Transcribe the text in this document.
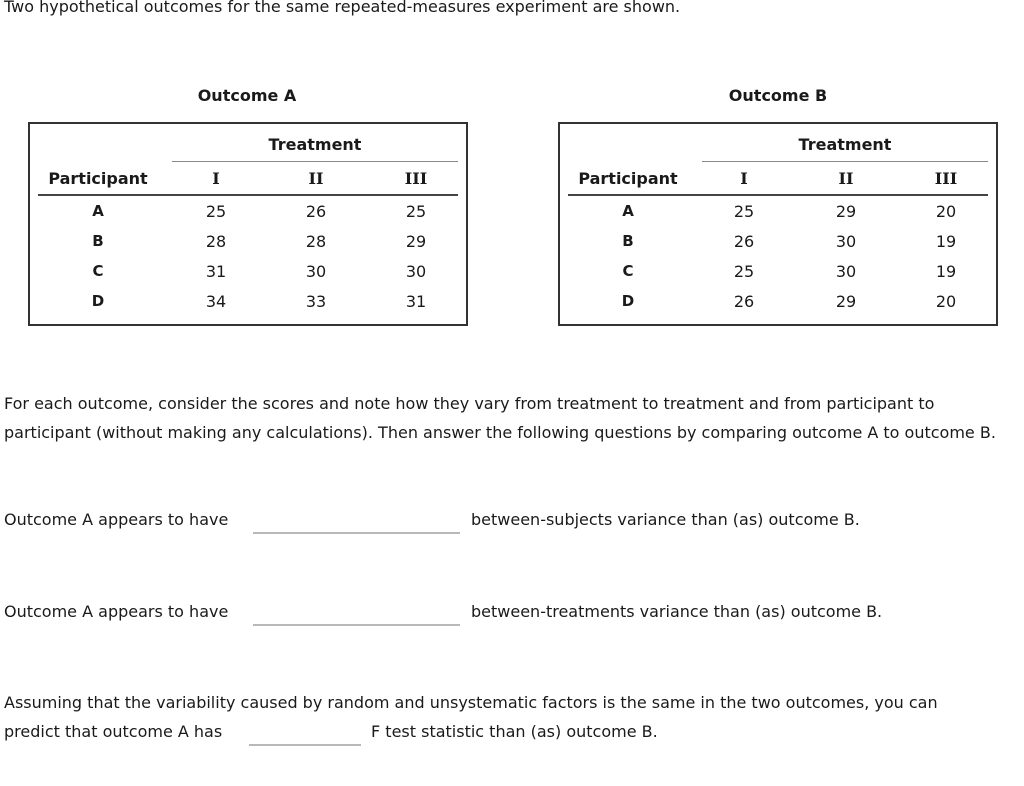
Two hypothetical outcomes for the same repeated-measures experiment are shown.
Outcome A
Treatment
Participant	I	II	III
A	25	26	25
B	28	28	29
C	31	30	30
D	34	33	31
Outcome B
Treatment
Participant	I	II	III
A	25	29	20
B	26	30	19
C	25	30	19
D	26	29	20
For each outcome, consider the scores and note how they vary from treatment to treatment and from participant to participant (without making any calculations). Then answer the following questions by comparing outcome A to outcome B.
Outcome A appears to have	between-subjects variance than (as) outcome B.
Outcome A appears to have	between-treatments variance than (as) outcome B.
Assuming that the variability caused by random and unsystematic factors is the same in the two outcomes, you can
predict that outcome A has	F test statistic than (as) outcome B.
